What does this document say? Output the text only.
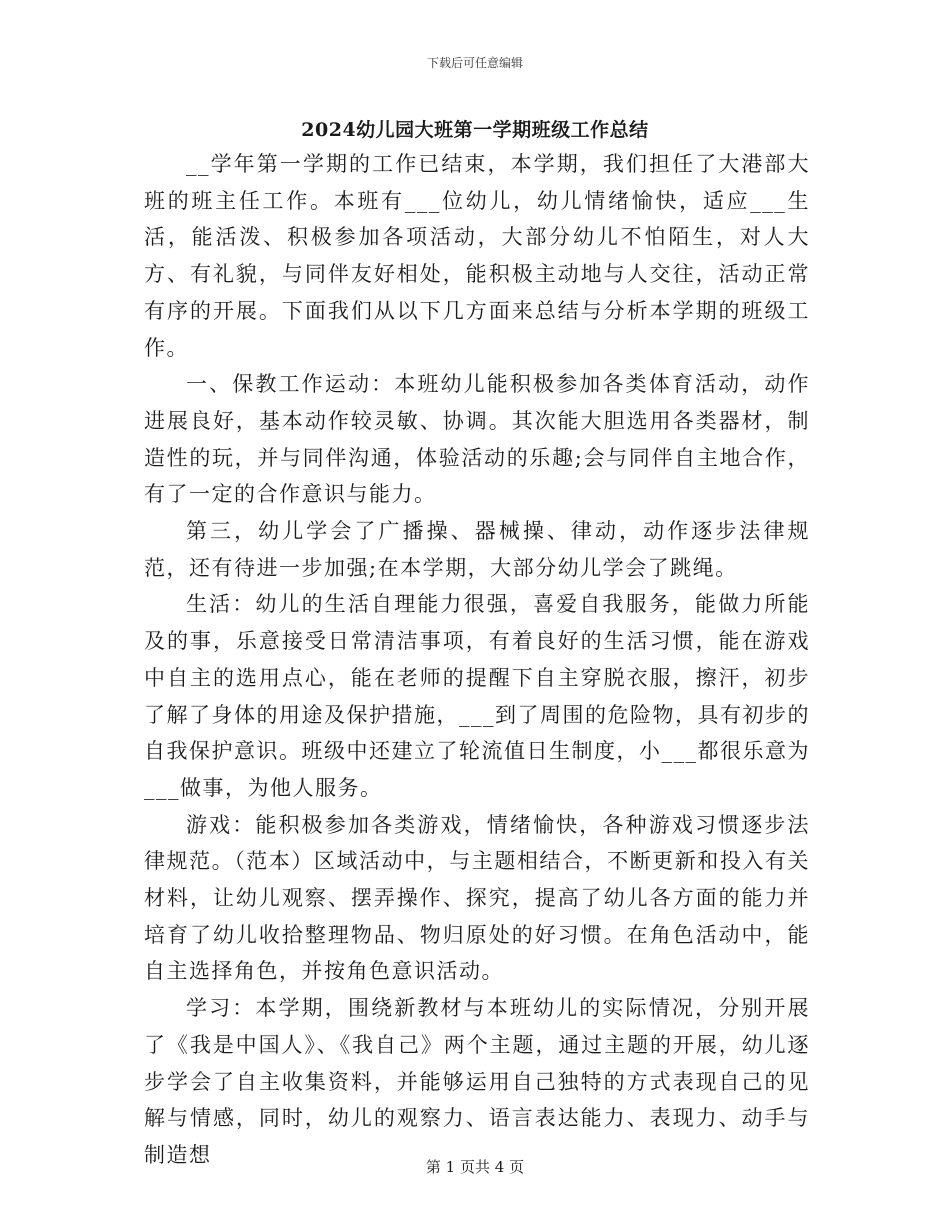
下载后可任意编辑
2024幼儿园大班第一学期班级工作总结

__学年第一学期的工作已结束，本学期，我们担任了大港部大班的班主任工作。本班有___位幼儿，幼儿情绪愉快，适应___生活，能活泼、积极参加各项活动，大部分幼儿不怕陌生，对人大方、有礼貌，与同伴友好相处，能积极主动地与人交往，活动正常有序的开展。下面我们从以下几方面来总结与分析本学期的班级工作。

一、保教工作运动：本班幼儿能积极参加各类体育活动，动作进展良好，基本动作较灵敏、协调。其次能大胆选用各类器材，制造性的玩，并与同伴沟通，体验活动的乐趣;会与同伴自主地合作，有了一定的合作意识与能力。

第三，幼儿学会了广播操、器械操、律动，动作逐步法律规范，还有待进一步加强;在本学期，大部分幼儿学会了跳绳。

生活：幼儿的生活自理能力很强，喜爱自我服务，能做力所能及的事，乐意接受日常清洁事项，有着良好的生活习惯，能在游戏中自主的选用点心，能在老师的提醒下自主穿脱衣服，擦汗，初步了解了身体的用途及保护措施，___到了周围的危险物，具有初步的自我保护意识。班级中还建立了轮流值日生制度，小___都很乐意为___做事，为他人服务。

游戏：能积极参加各类游戏，情绪愉快，各种游戏习惯逐步法律规范。（范本）区域活动中，与主题相结合，不断更新和投入有关材料，让幼儿观察、摆弄操作、探究，提高了幼儿各方面的能力并培育了幼儿收拾整理物品、物归原处的好习惯。在角色活动中，能自主选择角色，并按角色意识活动。

学习：本学期，围绕新教材与本班幼儿的实际情况，分别开展了《我是中国人》、《我自己》两个主题，通过主题的开展，幼儿逐步学会了自主收集资料，并能够运用自己独特的方式表现自己的见解与情感，同时，幼儿的观察力、语言表达能力、表现力、动手与制造想

第 1 页共 4 页
